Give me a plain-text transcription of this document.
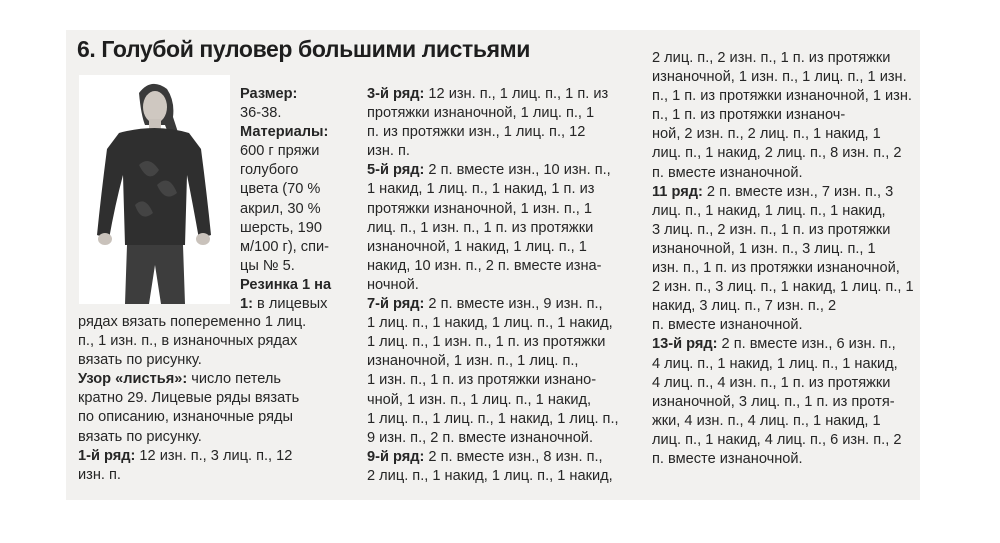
6. Голубой пуловер большими листьями
Размер:
36-38.
Материалы:
600 г пряжи
голубого
цвета (70 %
акрил, 30 %
шерсть, 190
м/100 г), спи-
цы № 5.
Резинка 1 на
1: в лицевых
рядах вязать попеременно 1 лиц.
п., 1 изн. п., в изнаночных рядах
вязать по рисунку.
Узор «листья»: число петель
кратно 29. Лицевые ряды вязать
по описанию, изнаночные ряды
вязать по рисунку.
1-й ряд: 12 изн. п., 3 лиц. п., 12
изн. п.
3-й ряд: 12 изн. п., 1 лиц. п., 1 п. из
протяжки изнаночной, 1 лиц. п., 1
п. из протяжки изн., 1 лиц. п., 12
изн. п.
5-й ряд: 2 п. вместе изн., 10 изн. п.,
1 накид, 1 лиц. п., 1 накид, 1 п. из
протяжки изнаночной, 1 изн. п., 1
лиц. п., 1 изн. п., 1 п. из протяжки
изнаночной, 1 накид, 1 лиц. п., 1
накид, 10 изн. п., 2 п. вместе изна-
ночной.
7-й ряд: 2 п. вместе изн., 9 изн. п.,
1 лиц. п., 1 накид, 1 лиц. п., 1 накид,
1 лиц. п., 1 изн. п., 1 п. из протяжки
изнаночной, 1 изн. п., 1 лиц. п.,
1 изн. п., 1 п. из протяжки изнано-
чной, 1 изн. п., 1 лиц. п., 1 накид,
1 лиц. п., 1 лиц. п., 1 накид, 1 лиц. п.,
9 изн. п., 2 п. вместе изнаночной.
9-й ряд: 2 п. вместе изн., 8 изн. п.,
2 лиц. п., 1 накид, 1 лиц. п., 1 накид,
2 лиц. п., 2 изн. п., 1 п. из протяжки
изнаночной, 1 изн. п., 1 лиц. п., 1 изн.
п., 1 п. из протяжки изнаночной, 1 изн.
п., 1 п. из протяжки изнаноч-
ной, 2 изн. п., 2 лиц. п., 1 накид, 1
лиц. п., 1 накид, 2 лиц. п., 8 изн. п., 2
п. вместе изнаночной.
11 ряд: 2 п. вместе изн., 7 изн. п., 3
лиц. п., 1 накид, 1 лиц. п., 1 накид,
3 лиц. п., 2 изн. п., 1 п. из протяжки
изнаночной, 1 изн. п., 3 лиц. п., 1
изн. п., 1 п. из протяжки изнаночной,
2 изн. п., 3 лиц. п., 1 накид, 1 лиц. п., 1
накид, 3 лиц. п., 7 изн. п., 2
п. вместе изнаночной.
13-й ряд: 2 п. вместе изн., 6 изн. п.,
4 лиц. п., 1 накид, 1 лиц. п., 1 накид,
4 лиц. п., 4 изн. п., 1 п. из протяжки
изнаночной, 3 лиц. п., 1 п. из протя-
жки, 4 изн. п., 4 лиц. п., 1 накид, 1
лиц. п., 1 накид, 4 лиц. п., 6 изн. п., 2
п. вместе изнаночной.
